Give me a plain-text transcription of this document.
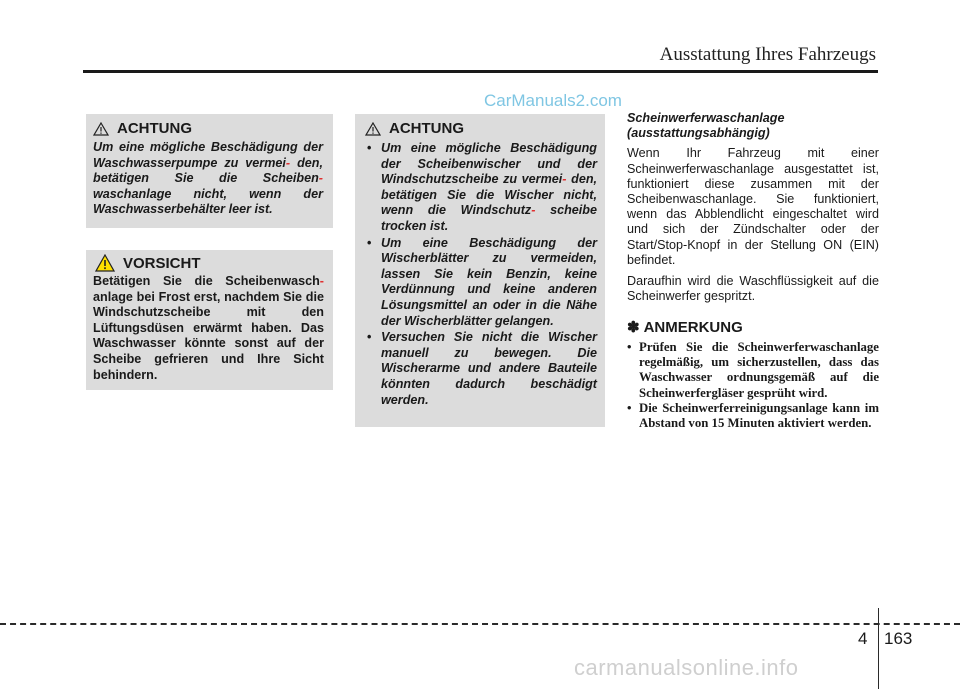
Ausstattung Ihres Fahrzeugs
CarManuals2.com
ACHTUNG
Um eine mögliche Beschädigung der Waschwasserpumpe zu vermei- den, betätigen Sie die Scheiben- waschanlage nicht, wenn der Waschwasserbehälter leer ist.
VORSICHT
Betätigen Sie die Scheibenwasch- anlage bei Frost erst, nachdem Sie die Windschutzscheibe mit den Lüftungsdüsen erwärmt haben. Das Waschwasser könnte sonst auf der Scheibe gefrieren und Ihre Sicht behindern.
ACHTUNG
• Um eine mögliche Beschädigung der Scheibenwischer und der Windschutzscheibe zu vermei- den, betätigen Sie die Wischer nicht, wenn die Windschutz- scheibe trocken ist.
• Um eine Beschädigung der Wischerblätter zu vermeiden, lassen Sie kein Benzin, keine Verdünnung und keine anderen Lösungsmittel an oder in die Nähe der Wischerblätter gelangen.
• Versuchen Sie nicht die Wischer manuell zu bewegen. Die Wischerarme und andere Bauteile könnten dadurch beschädigt werden.

Scheinwerferwaschanlage
(ausstattungsabhängig)

Wenn Ihr Fahrzeug mit einer Scheinwerferwaschanlage ausgestattet ist, funktioniert diese zusammen mit der Scheibenwaschanlage. Sie funktioniert, wenn das Abblendlicht eingeschaltet wird und sich der Zündschalter oder der Start/Stop-Knopf in der Stellung ON (EIN) befindet.

Daraufhin wird die Waschflüssigkeit auf die Scheinwerfer gespritzt.

✽ ANMERKUNG
• Prüfen Sie die Scheinwerferwaschanlage regelmäßig, um sicherzustellen, dass das Waschwasser ordnungsgemäß auf die Scheinwerfergläser gesprüht wird.
• Die Scheinwerferreinigungsanlage kann im Abstand von 15 Minuten aktiviert werden.
4 163
carmanualsonline.info
